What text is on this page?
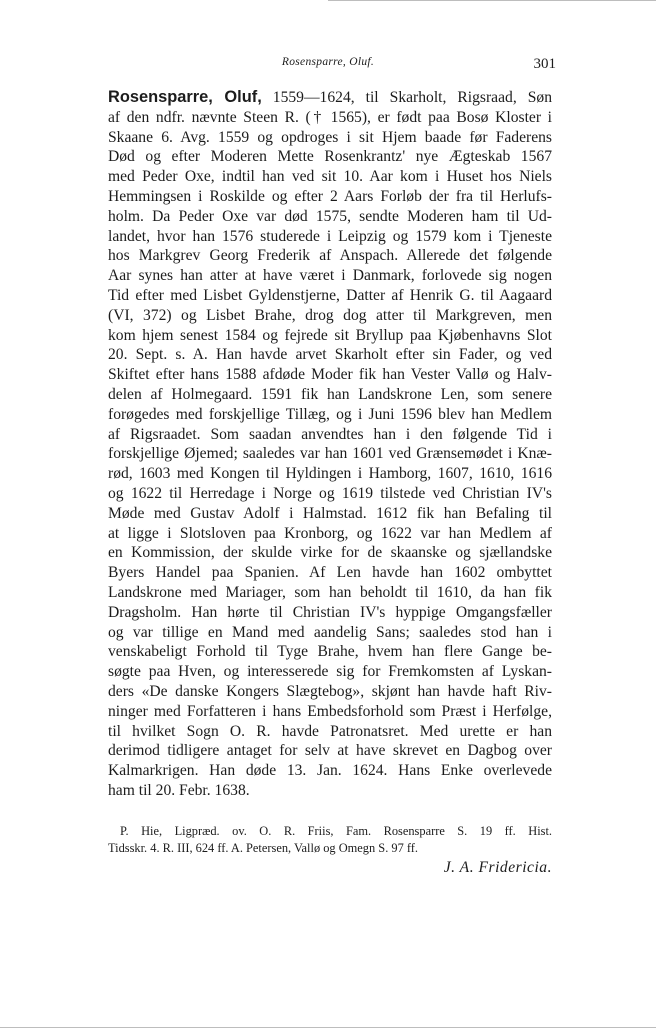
Rosensparre, Oluf.	301
Rosensparre, Oluf, 1559—1624, til Skarholt, Rigsraad, Søn
af den ndfr. nævnte Steen R. († 1565), er født paa Bosø Kloster i
Skaane 6. Avg. 1559 og opdroges i sit Hjem baade før Faderens
Død og efter Moderen Mette Rosenkrantz' nye Ægteskab 1567
med Peder Oxe, indtil han ved sit 10. Aar kom i Huset hos Niels
Hemmingsen i Roskilde og efter 2 Aars Forløb der fra til Herlufs-
holm. Da Peder Oxe var død 1575, sendte Moderen ham til Ud-
landet, hvor han 1576 studerede i Leipzig og 1579 kom i Tjeneste
hos Markgrev Georg Frederik af Anspach. Allerede det følgende
Aar synes han atter at have været i Danmark, forlovede sig nogen
Tid efter med Lisbet Gyldenstjerne, Datter af Henrik G. til Aagaard
(VI, 372) og Lisbet Brahe, drog dog atter til Markgreven, men
kom hjem senest 1584 og fejrede sit Bryllup paa Kjøbenhavns Slot
20. Sept. s. A. Han havde arvet Skarholt efter sin Fader, og ved
Skiftet efter hans 1588 afdøde Moder fik han Vester Vallø og Halv-
delen af Holmegaard. 1591 fik han Landskrone Len, som senere
forøgedes med forskjellige Tillæg, og i Juni 1596 blev han Medlem
af Rigsraadet. Som saadan anvendtes han i den følgende Tid i
forskjellige Øjemed; saaledes var han 1601 ved Grænsemødet i Knæ-
rød, 1603 med Kongen til Hyldingen i Hamborg, 1607, 1610, 1616
og 1622 til Herredage i Norge og 1619 tilstede ved Christian IV's
Møde med Gustav Adolf i Halmstad. 1612 fik han Befaling til
at ligge i Slotsloven paa Kronborg, og 1622 var han Medlem af
en Kommission, der skulde virke for de skaanske og sjællandske
Byers Handel paa Spanien. Af Len havde han 1602 ombyttet
Landskrone med Mariager, som han beholdt til 1610, da han fik
Dragsholm. Han hørte til Christian IV's hyppige Omgangsfæller
og var tillige en Mand med aandelig Sans; saaledes stod han i
venskabeligt Forhold til Tyge Brahe, hvem han flere Gange be-
søgte paa Hven, og interesserede sig for Fremkomsten af Lyskan-
ders «De danske Kongers Slægtebog», skjønt han havde haft Riv-
ninger med Forfatteren i hans Embedsforhold som Præst i Herfølge,
til hvilket Sogn O. R. havde Patronatsret. Med urette er han
derimod tidligere antaget for selv at have skrevet en Dagbog over
Kalmarkrigen. Han døde 13. Jan. 1624. Hans Enke overlevede
ham til 20. Febr. 1638.
P. Hie, Ligpræd. ov. O. R. Friis, Fam. Rosensparre S. 19 ff. Hist.
Tidsskr. 4. R. III, 624 ff. A. Petersen, Vallø og Omegn S. 97 ff.
J. A. Fridericia.
